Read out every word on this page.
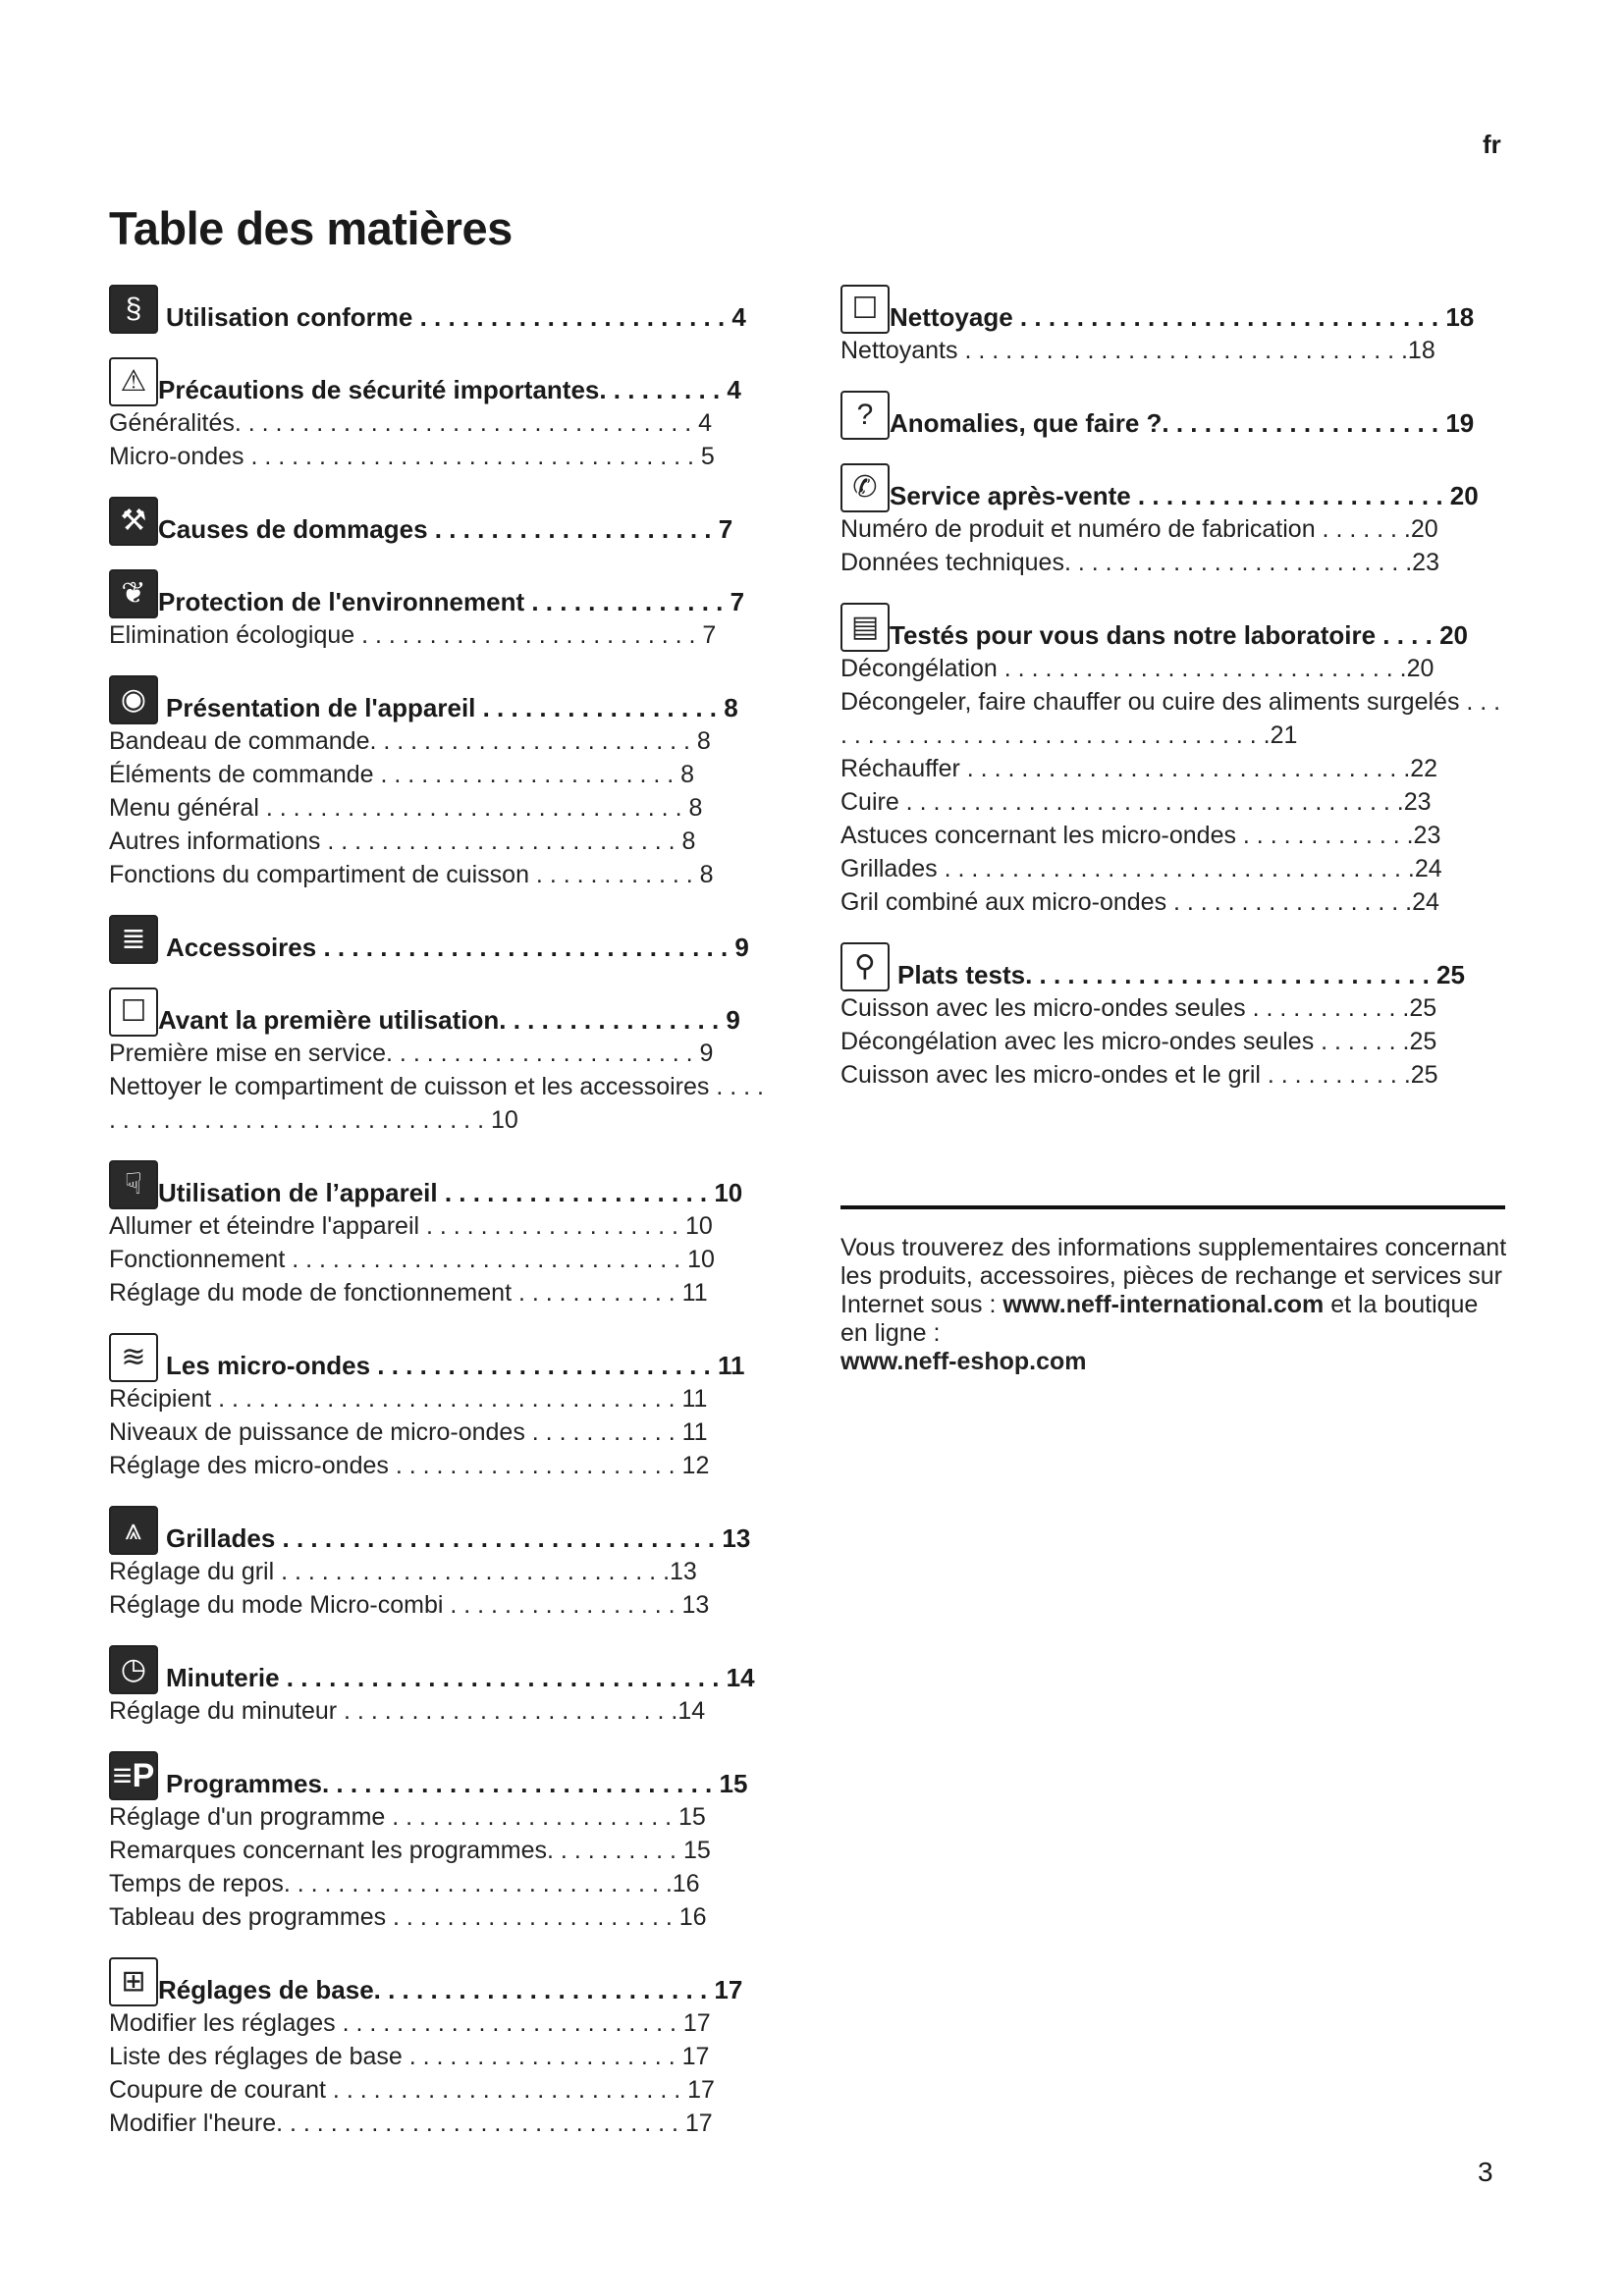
fr
Table des matières
§ Utilisation conforme . . . . . . . . . . . . . . . . . . . . . . 4
⚠ Précautions de sécurité importantes. . . . . . . . . 4
Généralités. . . . . . . . . . . . . . . . . . . . . . . . . . . . . . . . . . 4
Micro-ondes . . . . . . . . . . . . . . . . . . . . . . . . . . . . . . . . . 5
⚒ Causes de dommages . . . . . . . . . . . . . . . . . . . . 7
❦ Protection de l'environnement . . . . . . . . . . . . . . 7
Elimination écologique . . . . . . . . . . . . . . . . . . . . . . . . . 7
◉ Présentation de l'appareil . . . . . . . . . . . . . . . . . 8
Bandeau de commande. . . . . . . . . . . . . . . . . . . . . . . . 8
Éléments de commande . . . . . . . . . . . . . . . . . . . . . . 8
Menu général . . . . . . . . . . . . . . . . . . . . . . . . . . . . . . . 8
Autres informations . . . . . . . . . . . . . . . . . . . . . . . . . . 8
Fonctions du compartiment de cuisson . . . . . . . . . . . . 8
≣ Accessoires . . . . . . . . . . . . . . . . . . . . . . . . . . . . . 9
☐ Avant la première utilisation. . . . . . . . . . . . . . . . 9
Première mise en service. . . . . . . . . . . . . . . . . . . . . . . 9
Nettoyer le compartiment de cuisson et les accessoires . . . . . . . . . . . . . . . . . . . . . . . . . . . . . . . . 10
☟ Utilisation de l’appareil . . . . . . . . . . . . . . . . . . . 10
Allumer et éteindre l'appareil . . . . . . . . . . . . . . . . . . . 10
Fonctionnement . . . . . . . . . . . . . . . . . . . . . . . . . . . . . 10
Réglage du mode de fonctionnement . . . . . . . . . . . . 11
≋ Les micro-ondes . . . . . . . . . . . . . . . . . . . . . . . . 11
Récipient . . . . . . . . . . . . . . . . . . . . . . . . . . . . . . . . . . 11
Niveaux de puissance de micro-ondes . . . . . . . . . . . 11
Réglage des micro-ondes . . . . . . . . . . . . . . . . . . . . . 12
⩓ Grillades . . . . . . . . . . . . . . . . . . . . . . . . . . . . . . . 13
Réglage du gril . . . . . . . . . . . . . . . . . . . . . . . . . . . . .13
Réglage du mode Micro-combi . . . . . . . . . . . . . . . . . 13
◷ Minuterie . . . . . . . . . . . . . . . . . . . . . . . . . . . . . . . 14
Réglage du minuteur . . . . . . . . . . . . . . . . . . . . . . . . .14
≡P Programmes. . . . . . . . . . . . . . . . . . . . . . . . . . . . 15
Réglage d'un programme . . . . . . . . . . . . . . . . . . . . . 15
Remarques concernant les programmes. . . . . . . . . . 15
Temps de repos. . . . . . . . . . . . . . . . . . . . . . . . . . . . .16
Tableau des programmes . . . . . . . . . . . . . . . . . . . . . 16
⊞ Réglages de base. . . . . . . . . . . . . . . . . . . . . . . . 17
Modifier les réglages . . . . . . . . . . . . . . . . . . . . . . . . . 17
Liste des réglages de base . . . . . . . . . . . . . . . . . . . . 17
Coupure de courant . . . . . . . . . . . . . . . . . . . . . . . . . . 17
Modifier l'heure. . . . . . . . . . . . . . . . . . . . . . . . . . . . . . 17
☐ Nettoyage . . . . . . . . . . . . . . . . . . . . . . . . . . . . . . 18
Nettoyants . . . . . . . . . . . . . . . . . . . . . . . . . . . . . . . . .18
? Anomalies, que faire ?. . . . . . . . . . . . . . . . . . . . 19
✆ Service après-vente . . . . . . . . . . . . . . . . . . . . . . 20
Numéro de produit et numéro de fabrication . . . . . . .20
Données techniques. . . . . . . . . . . . . . . . . . . . . . . . . .23
▤ Testés pour vous dans notre laboratoire . . . . 20
Décongélation . . . . . . . . . . . . . . . . . . . . . . . . . . . . . .20
Décongeler, faire chauffer ou cuire des aliments surgelés . . . . . . . . . . . . . . . . . . . . . . . . . . . . . . . . . . .21
Réchauffer . . . . . . . . . . . . . . . . . . . . . . . . . . . . . . . . .22
Cuire . . . . . . . . . . . . . . . . . . . . . . . . . . . . . . . . . . . . .23
Astuces concernant les micro-ondes . . . . . . . . . . . . .23
Grillades . . . . . . . . . . . . . . . . . . . . . . . . . . . . . . . . . . .24
Gril combiné aux micro-ondes . . . . . . . . . . . . . . . . . .24
⚲ Plats tests. . . . . . . . . . . . . . . . . . . . . . . . . . . . . 25
Cuisson avec les micro-ondes seules . . . . . . . . . . . .25
Décongélation avec les micro-ondes seules . . . . . . .25
Cuisson avec les micro-ondes et le gril . . . . . . . . . . .25
Vous trouverez des informations supplementaires concernant les produits, accessoires, pièces de rechange et services sur Internet sous : www.neff-international.com et la boutique en ligne :
www.neff-eshop.com
3
